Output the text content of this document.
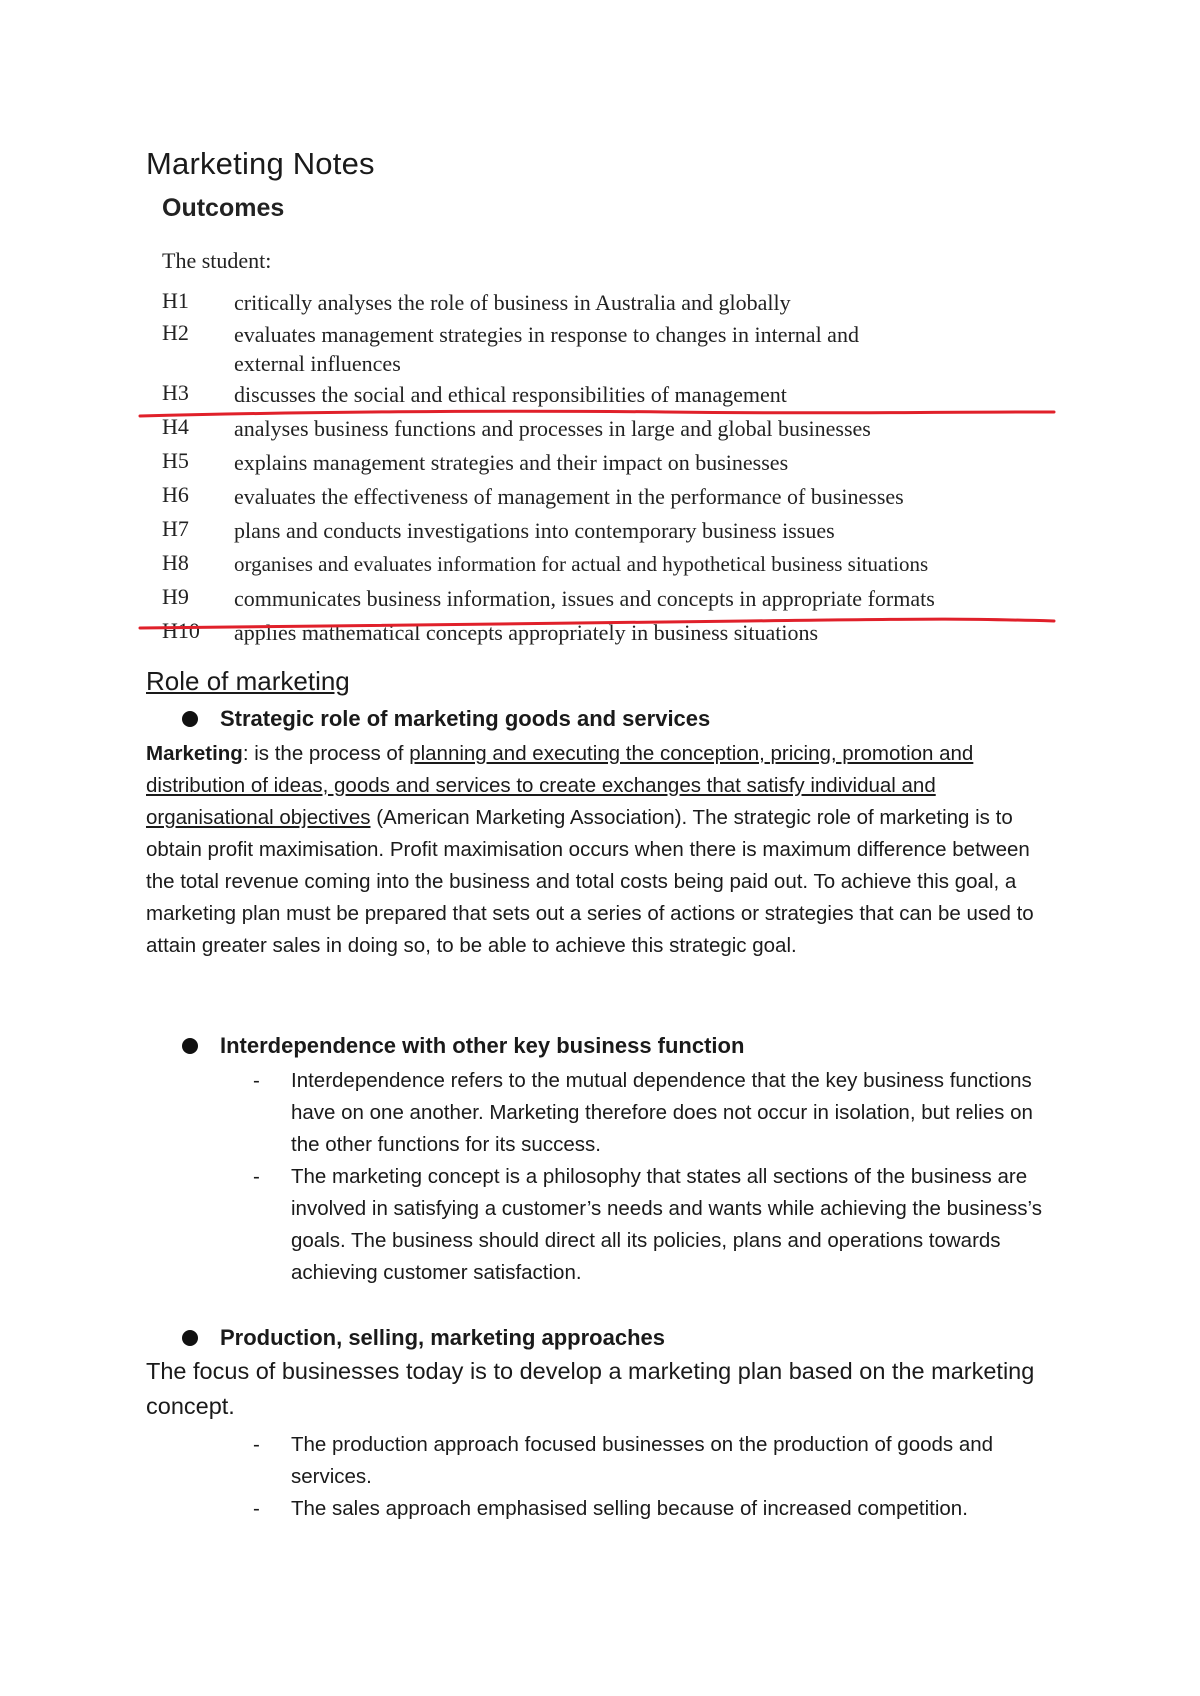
Marketing Notes
Outcomes
The student:
H1	critically analyses the role of business in Australia and globally
H2	evaluates management strategies in response to changes in internal and external influences
H3	discusses the social and ethical responsibilities of management
H4	analyses business functions and processes in large and global businesses
H5	explains management strategies and their impact on businesses
H6	evaluates the effectiveness of management in the performance of businesses
H7	plans and conducts investigations into contemporary business issues
H8	organises and evaluates information for actual and hypothetical business situations
H9	communicates business information, issues and concepts in appropriate formats
H10	applies mathematical concepts appropriately in business situations
Role of marketing
Strategic role of marketing goods and services

Marketing: is the process of planning and executing the conception, pricing, promotion and distribution of ideas, goods and services to create exchanges that satisfy individual and organisational objectives (American Marketing Association). The strategic role of marketing is to obtain profit maximisation. Profit maximisation occurs when there is maximum difference between the total revenue coming into the business and total costs being paid out. To achieve this goal, a marketing plan must be prepared that sets out a series of actions or strategies that can be used to attain greater sales in doing so, to be able to achieve this strategic goal.

Interdependence with other key business function
- Interdependence refers to the mutual dependence that the key business functions have on one another. Marketing therefore does not occur in isolation, but relies on the other functions for its success.
- The marketing concept is a philosophy that states all sections of the business are involved in satisfying a customer’s needs and wants while achieving the business’s goals. The business should direct all its policies, plans and operations towards achieving customer satisfaction.
Production, selling, marketing approaches

The focus of businesses today is to develop a marketing plan based on the marketing concept.

- The production approach focused businesses on the production of goods and services.
- The sales approach emphasised selling because of increased competition.
